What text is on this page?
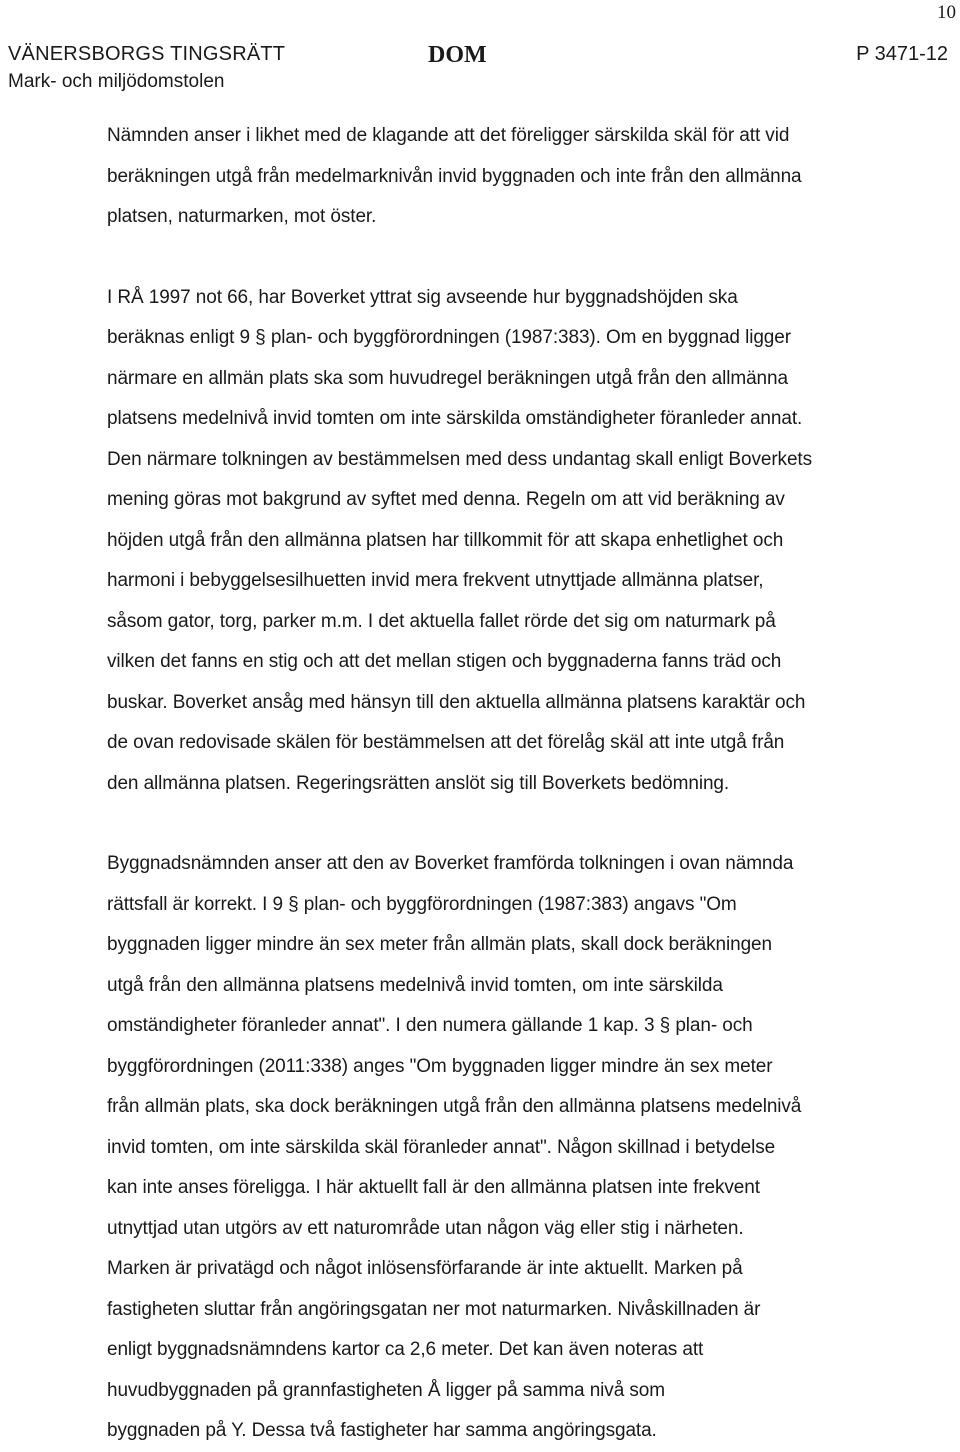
10
VÄNERSBORGS TINGSRÄTT
Mark- och miljödomstolen
DOM	P 3471-12

Nämnden anser i likhet med de klagande att det föreligger särskilda skäl för att vid
beräkningen utgå från medelmarknivån invid byggnaden och inte från den allmänna
platsen, naturmarken, mot öster.

I RÅ 1997 not 66, har Boverket yttrat sig avseende hur byggnadshöjden ska
beräknas enligt 9 § plan- och byggförordningen (1987:383). Om en byggnad ligger
närmare en allmän plats ska som huvudregel beräkningen utgå från den allmänna
platsens medelnivå invid tomten om inte särskilda omständigheter föranleder annat.
Den närmare tolkningen av bestämmelsen med dess undantag skall enligt Boverkets
mening göras mot bakgrund av syftet med denna. Regeln om att vid beräkning av
höjden utgå från den allmänna platsen har tillkommit för att skapa enhetlighet och
harmoni i bebyggelsesilhuetten invid mera frekvent utnyttjade allmänna platser,
såsom gator, torg, parker m.m. I det aktuella fallet rörde det sig om naturmark på
vilken det fanns en stig och att det mellan stigen och byggnaderna fanns träd och
buskar. Boverket ansåg med hänsyn till den aktuella allmänna platsens karaktär och
de ovan redovisade skälen för bestämmelsen att det förelåg skäl att inte utgå från
den allmänna platsen. Regeringsrätten anslöt sig till Boverkets bedömning.

Byggnadsnämnden anser att den av Boverket framförda tolkningen i ovan nämnda
rättsfall är korrekt. I 9 § plan- och byggförordningen (1987:383) angavs "Om
byggnaden ligger mindre än sex meter från allmän plats, skall dock beräkningen
utgå från den allmänna platsens medelnivå invid tomten, om inte särskilda
omständigheter föranleder annat". I den numera gällande 1 kap. 3 § plan- och
byggförordningen (2011:338) anges "Om byggnaden ligger mindre än sex meter
från allmän plats, ska dock beräkningen utgå från den allmänna platsens medelnivå
invid tomten, om inte särskilda skäl föranleder annat". Någon skillnad i betydelse
kan inte anses föreligga. I här aktuellt fall är den allmänna platsen inte frekvent
utnyttjad utan utgörs av ett naturområde utan någon väg eller stig i närheten.
Marken är privatägd och något inlösensförfarande är inte aktuellt. Marken på
fastigheten sluttar från angöringsgatan ner mot naturmarken. Nivåskillnaden är
enligt byggnadsnämndens kartor ca 2,6 meter. Det kan även noteras att
huvudbyggnaden på grannfastigheten Å ligger på samma nivå som
byggnaden på Y. Dessa två fastigheter har samma angöringsgata.
